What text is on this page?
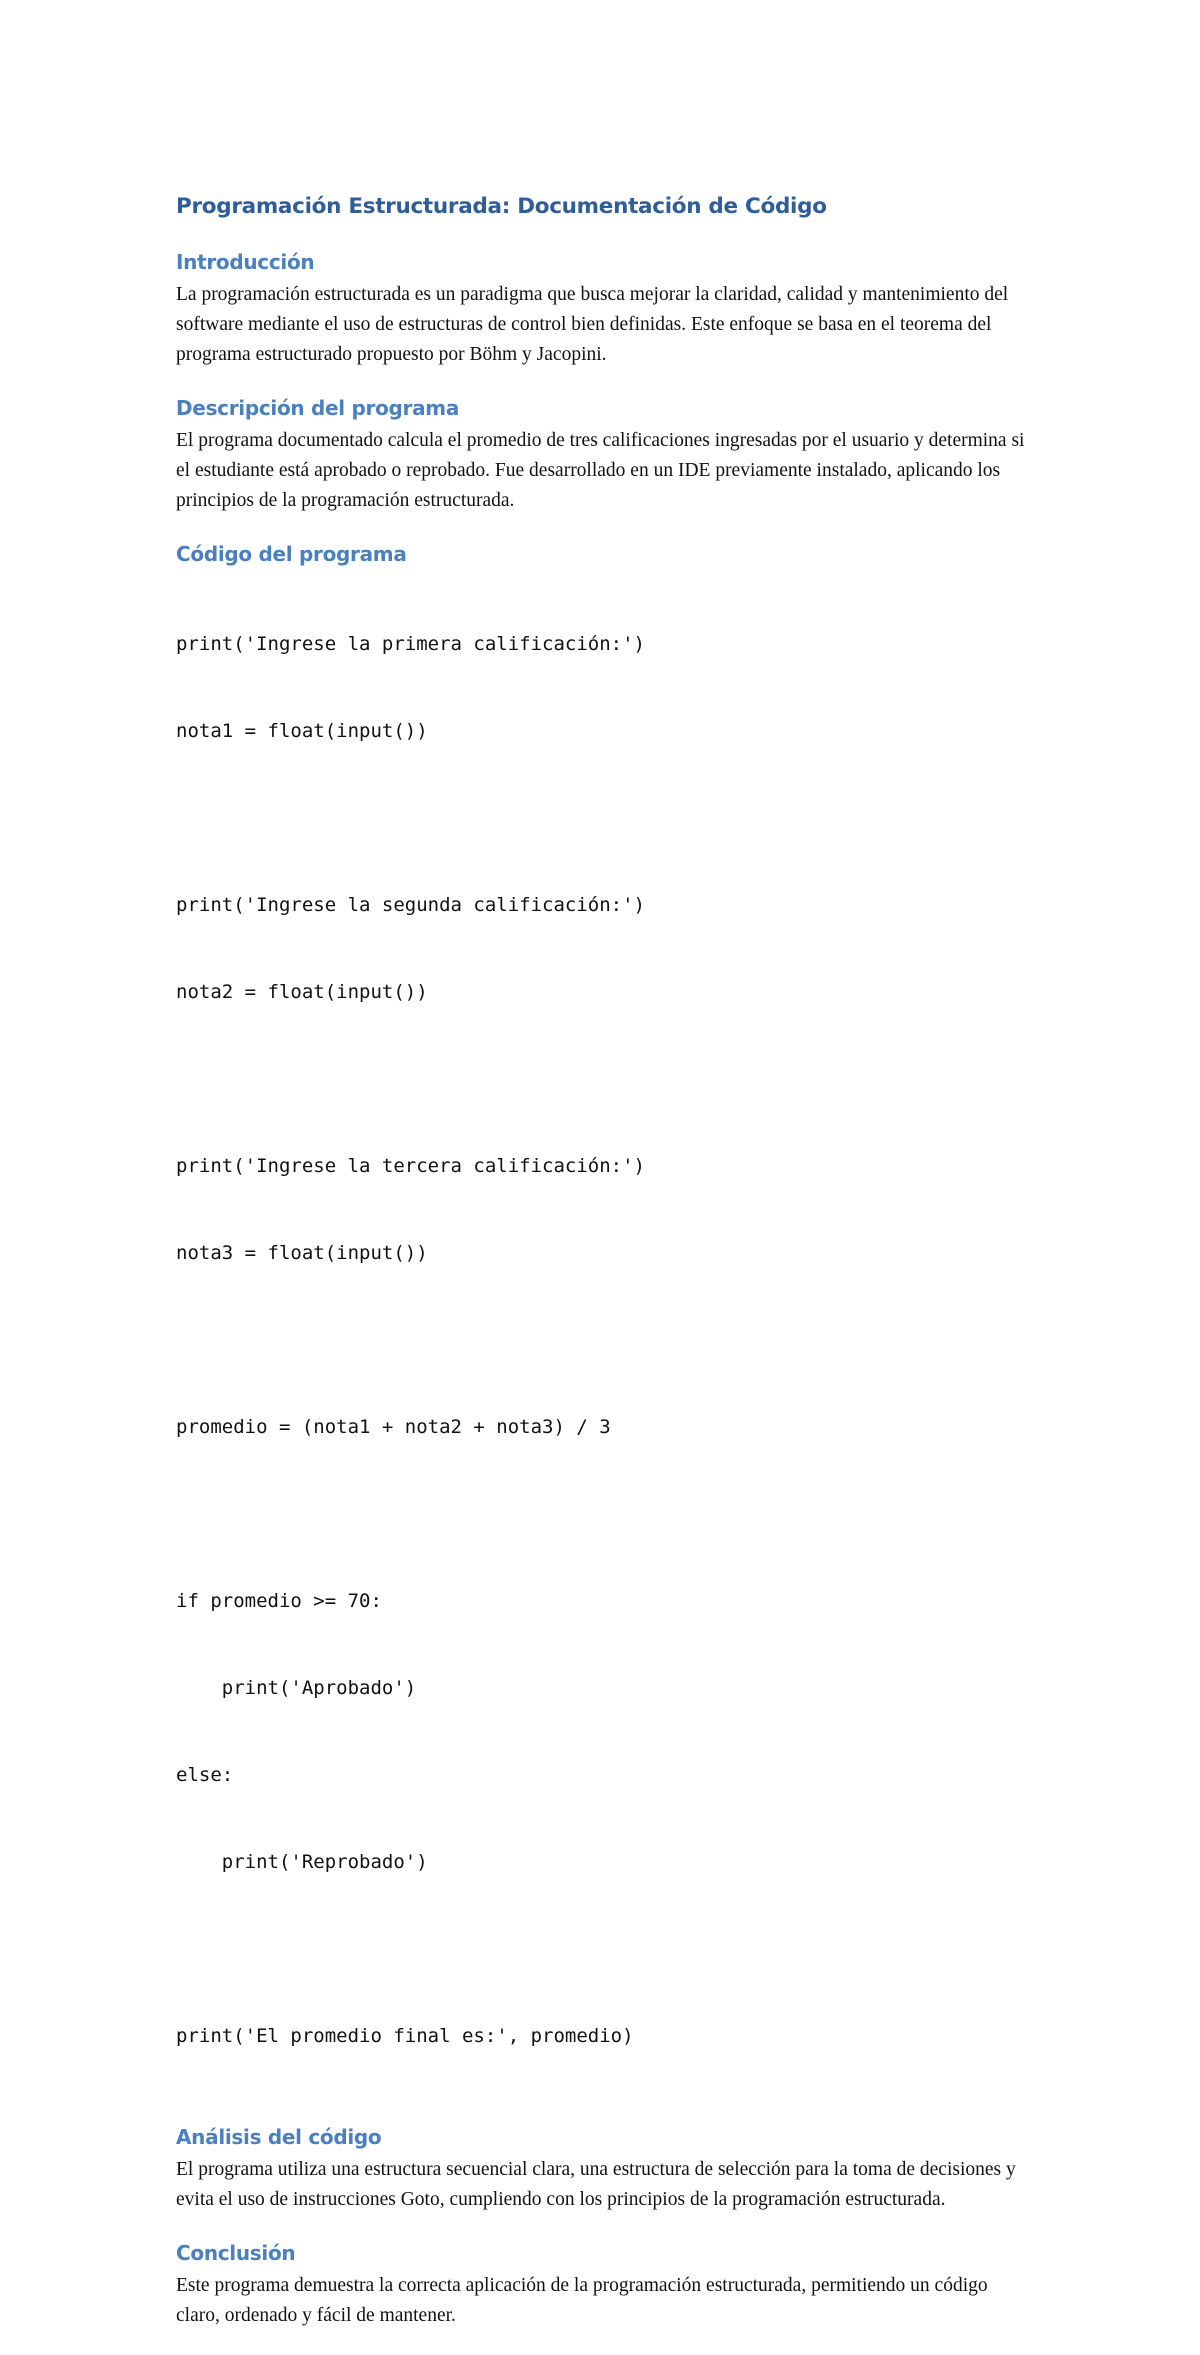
Programación Estructurada: Documentación de Código
Introducción

La programación estructurada es un paradigma que busca mejorar la claridad, calidad y mantenimiento del software mediante el uso de estructuras de control bien definidas. Este enfoque se basa en el teorema del programa estructurado propuesto por Böhm y Jacopini.

Descripción del programa

El programa documentado calcula el promedio de tres calificaciones ingresadas por el usuario y determina si el estudiante está aprobado o reprobado. Fue desarrollado en un IDE previamente instalado, aplicando los principios de la programación estructurada.

Código del programa

print('Ingrese la primera calificación:')

nota1 = float(input())

print('Ingrese la segunda calificación:')

nota2 = float(input())

print('Ingrese la tercera calificación:')

nota3 = float(input())

promedio = (nota1 + nota2 + nota3) / 3

if promedio >= 70:

print('Aprobado')

else:

print('Reprobado')

print('El promedio final es:', promedio)

Análisis del código

El programa utiliza una estructura secuencial clara, una estructura de selección para la toma de decisiones y evita el uso de instrucciones Goto, cumpliendo con los principios de la programación estructurada.

Conclusión

Este programa demuestra la correcta aplicación de la programación estructurada, permitiendo un código claro, ordenado y fácil de mantener.
